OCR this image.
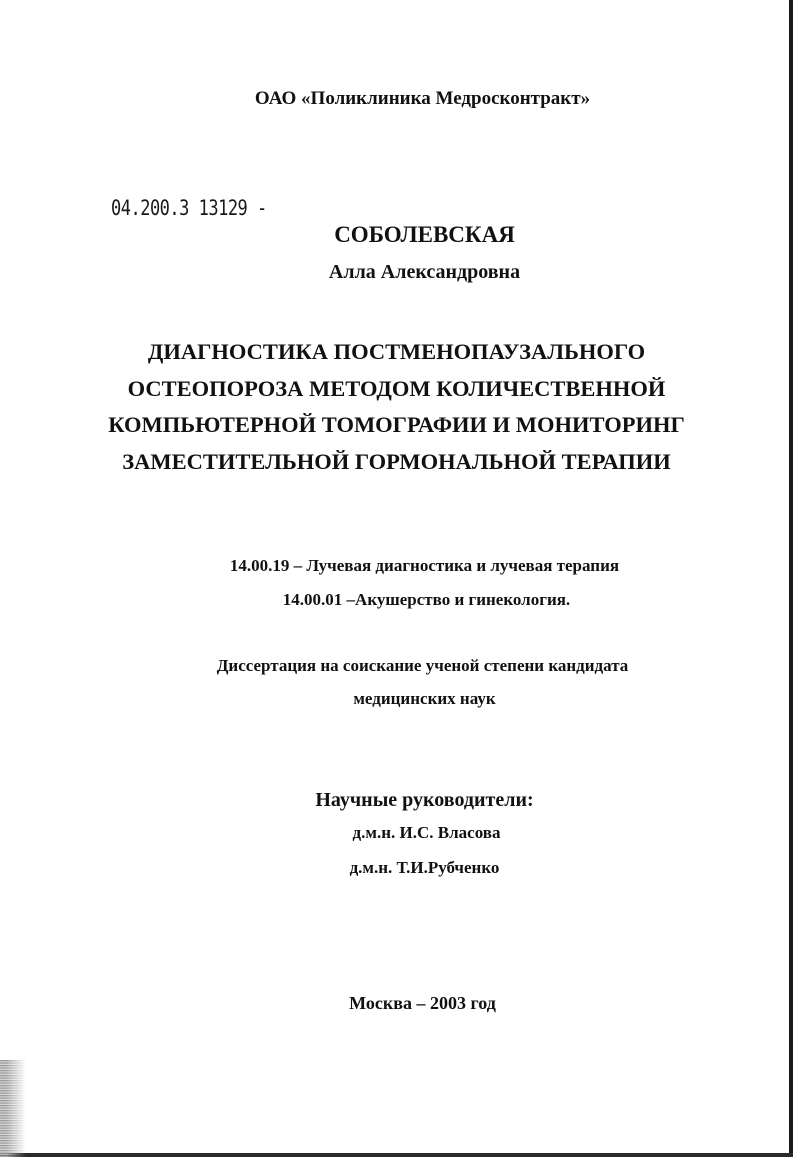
ОАО «Поликлиника Медросконтракт»
04.200.3 13129 -
СОБОЛЕВСКАЯ
Алла Александровна
ДИАГНОСТИКА ПОСТМЕНОПАУЗАЛЬНОГО
ОСТЕОПОРОЗА МЕТОДОМ КОЛИЧЕСТВЕННОЙ
КОМПЬЮТЕРНОЙ ТОМОГРАФИИ И МОНИТОРИНГ
ЗАМЕСТИТЕЛЬНОЙ ГОРМОНАЛЬНОЙ ТЕРАПИИ
14.00.19 – Лучевая диагностика и лучевая терапия
14.00.01 –Акушерство и гинекология.
Диссертация на соискание ученой степени кандидата
медицинских наук
Научные руководители:
д.м.н. И.С. Власова
д.м.н. Т.И.Рубченко
Москва – 2003 год
